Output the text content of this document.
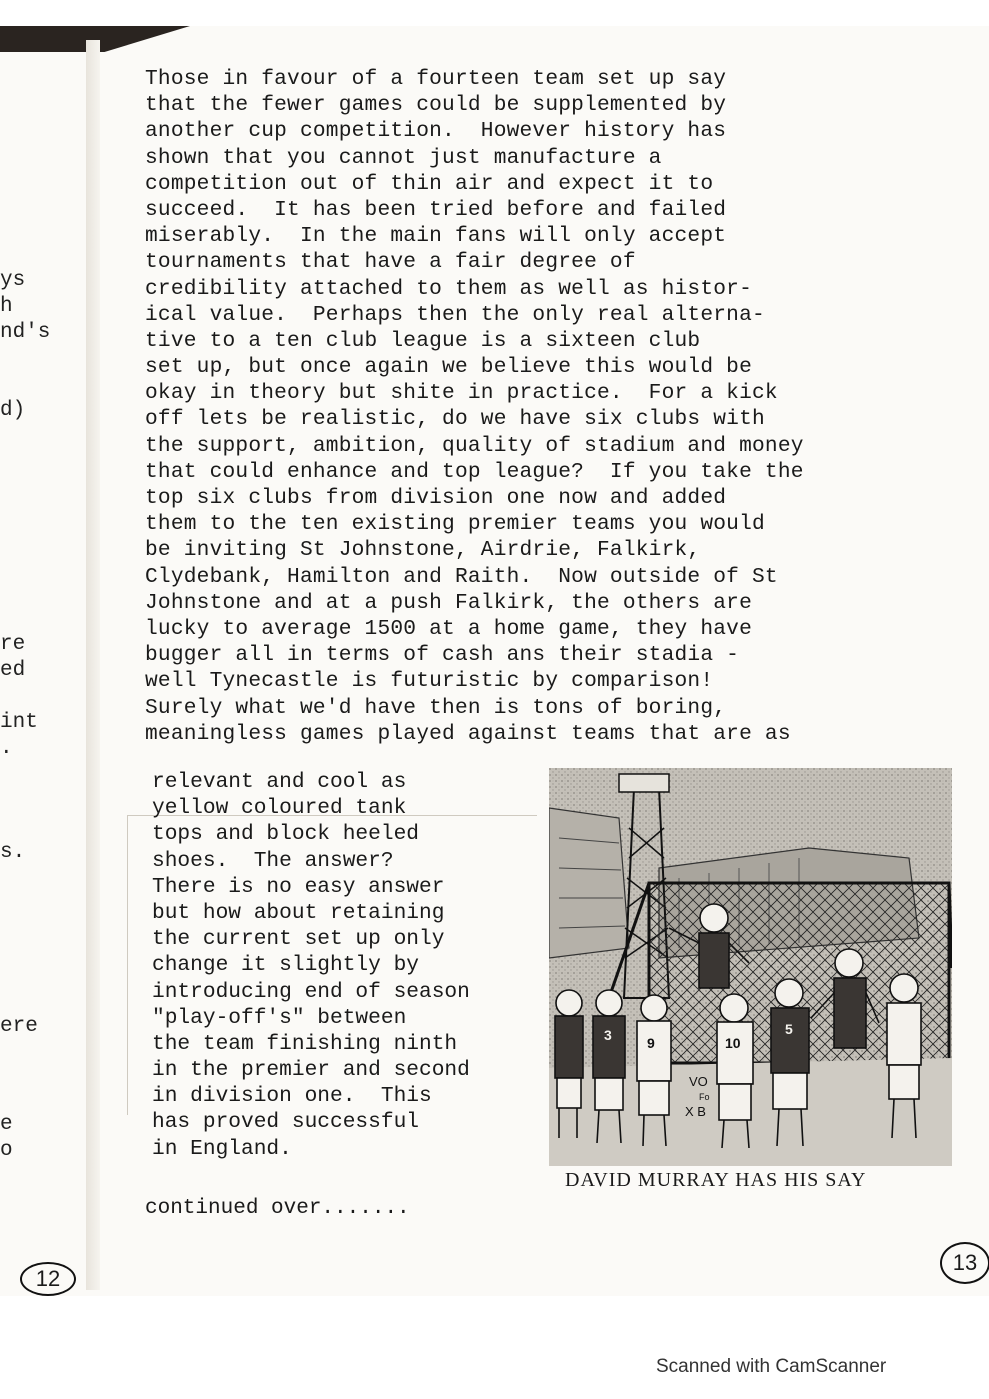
ys
h
nd's
d)
re
ed
int
.
s.
ere
e
o
Those in favour of a fourteen team set up say
that the fewer games could be supplemented by
another cup competition.  However history has
shown that you cannot just manufacture a
competition out of thin air and expect it to
succeed.  It has been tried before and failed
miserably.  In the main fans will only accept
tournaments that have a fair degree of
credibility attached to them as well as histor-
ical value.  Perhaps then the only real alterna-
tive to a ten club league is a sixteen club
set up, but once again we believe this would be
okay in theory but shite in practice.  For a kick
off lets be realistic, do we have six clubs with
the support, ambition, quality of stadium and money
that could enhance and top league?  If you take the
top six clubs from division one now and added
them to the ten existing premier teams you would
be inviting St Johnstone, Airdrie, Falkirk,
Clydebank, Hamilton and Raith.  Now outside of St
Johnstone and at a push Falkirk, the others are
lucky to average 1500 at a home game, they have
bugger all in terms of cash ans their stadia -
well Tynecastle is futuristic by comparison!
Surely what we'd have then is tons of boring,
meaningless games played against teams that are as
relevant and cool as
yellow coloured tank
tops and block heeled
shoes.  The answer?
There is no easy answer
but how about retaining
the current set up only
change it slightly by
introducing end of season
"play-off's" between
the team finishing ninth
in the premier and second
in division one.  This
has proved successful
in England.
3	9	10
5
VO
Fo
X B
DAVID MURRAY HAS HIS SAY
continued over.......
12
13
Scanned with CamScanner
